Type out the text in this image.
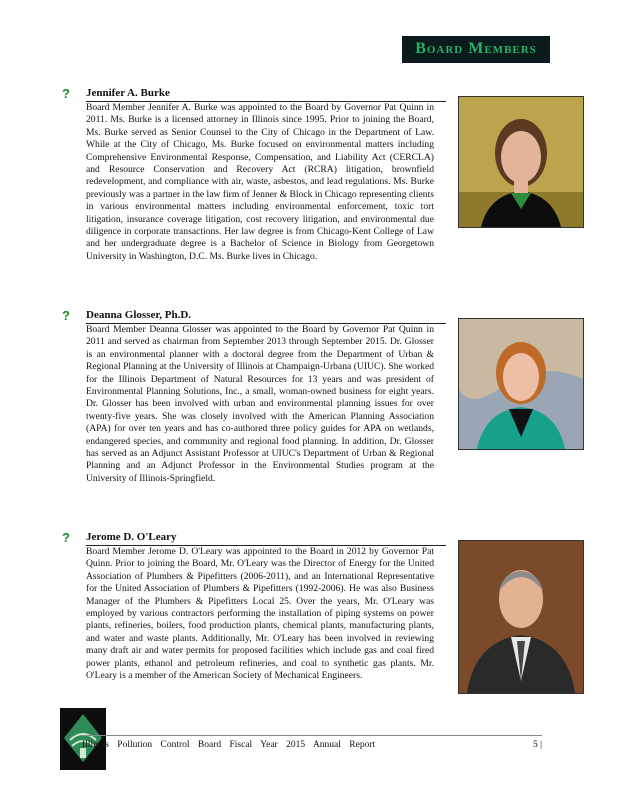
Board Members
? Jennifer A. Burke
Board Member Jennifer A. Burke was appointed to the Board by Governor Pat Quinn in 2011. Ms. Burke is a licensed attorney in Illinois since 1995. Prior to joining the Board, Ms. Burke served as Senior Counsel to the City of Chicago in the Department of Law. While at the City of Chicago, Ms. Burke focused on environmental matters including Comprehensive Environmental Response, Compensation, and Liability Act (CERCLA) and Resource Conservation and Recovery Act (RCRA) litigation, brownfield redevelopment, and compliance with air, waste, asbestos, and lead regulations. Ms. Burke previously was a partner in the law firm of Jenner & Block in Chicago representing clients in various environmental matters including environmental enforcement, toxic tort litigation, insurance coverage litigation, cost recovery litigation, and environmental due diligence in corporate transactions. Her law degree is from Chicago-Kent College of Law and her undergraduate degree is a Bachelor of Science in Biology from Georgetown University in Washington, D.C. Ms. Burke lives in Chicago.
? Deanna Glosser, Ph.D.
Board Member Deanna Glosser was appointed to the Board by Governor Pat Quinn in 2011 and served as chairman from September 2013 through September 2015. Dr. Glosser is an environmental planner with a doctoral degree from the Department of Urban & Regional Planning at the University of Illinois at Champaign-Urbana (UIUC). She worked for the Illinois Department of Natural Resources for 13 years and was president of Environmental Planning Solutions, Inc., a small, woman-owned business for eight years. Dr. Glosser has been involved with urban and environmental planning issues for over twenty-five years. She was closely involved with the American Planning Association (APA) for over ten years and has co-authored three policy guides for APA on wetlands, endangered species, and community and regional food planning. In addition, Dr. Glosser has served as an Adjunct Assistant Professor at UIUC's Department of Urban & Regional Planning and an Adjunct Professor in the Environmental Studies program at the University of Illinois-Springfield.
? Jerome D. O'Leary
Board Member Jerome D. O'Leary was appointed to the Board in 2012 by Governor Pat Quinn. Prior to joining the Board, Mr. O'Leary was the Director of Energy for the United Association of Plumbers & Pipefitters (2006-2011), and an International Representative for the United Association of Plumbers & Pipefitters (1992-2006). He was also Business Manager of the Plumbers & Pipefitters Local 25. Over the years, Mr. O'Leary was employed by various contractors performing the installation of piping systems on power plants, refineries, boilers, food production plants, chemical plants, manufacturing plants, and water and waste plants. Additionally, Mr. O'Leary has been involved in reviewing many draft air and water permits for proposed facilities which include gas and coal fired power plants, ethanol and petroleum refineries, and coal to synthetic gas plants. Mr. O'Leary is a member of the American Society of Mechanical Engineers.
Illinois Pollution Control Board Fiscal Year 2015 Annual Report	5 |
